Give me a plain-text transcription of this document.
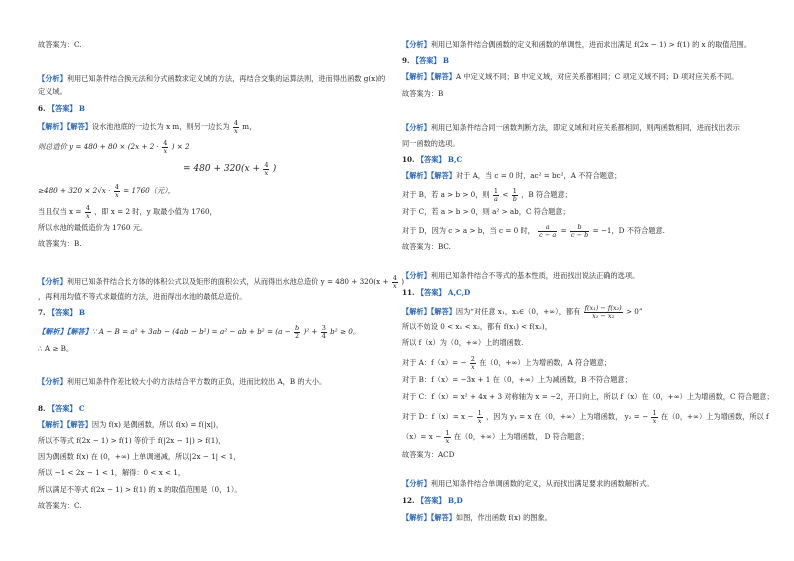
故答案为：C.
【分析】利用已知条件结合换元法和分式函数求定义域的方法，再结合交集的运算法则，进而得出函数 g(x)的
定义域。
6. 【答案】 B
【解析】【解答】设水池池底的一边长为 x m，则另一边长为 $\frac{4}{x}$ m，
则总造价 $y = 480 + 80 \times (2x + 2 \cdot \frac{4}{x}$ ) × 2
= $480 + 320(x + \frac{4}{x}$ )
$\ge 480 + 320 \times 2√x \cdot \frac{4}{x} = 1760$（元），
当且仅当 $x = \frac{4}{x}$ ，即 x = 2 时，y 取最小值为 1760，
所以水池的最低造价为 1760 元。
故答案为：B.
【分析】利用已知条件结合长方体的体积公式以及矩形的面积公式，从而得出水池总造价 $y = 480 + 320(x + \frac{4}{x}$ )
，再利用均值不等式求最值的方法，进而得出水池的最低总造价。
7. 【答案】 B
【解析】【解答】∵ A − B = a² + 3ab − (4ab − b²) = a² − ab + $b^2 = (a - \frac{b}{2} )^2 + \frac{3}{4} b^2 \ge 0$。
∴ A ≥ B。
【分析】利用已知条件作差比较大小的方法结合平方数的正负，进而比较出 A，B 的大小。
8. 【答案】 C
【解析】【解答】因为 f(x) 是偶函数，所以 f(x) = f(|x|)，
所以不等式 f(2x − 1) > f(1) 等价于 f(|2x − 1|) > f(1)，
因为偶函数 f(x) 在 (0，+∞) 上单调递减，所以|2x − 1| < 1，
所以 −1 < 2x − 1 < 1，解得：0 < x < 1，
所以满足不等式 f(2x − 1) > f(1) 的 x 的取值范围是（0，1）。
故答案为：C.
【分析】利用已知条件结合偶函数的定义和函数的单调性，进而求出满足 f(2x − 1) > f(1) 的 x 的取值范围。
9. 【答案】 B
【解析】【解答】A 中定义域不同；B 中定义域，对应关系都相同；C 项定义域不同；D 项对应关系不同。
故答案为：B
【分析】利用已知条件结合同一函数判断方法，即定义域和对应关系都相同，则两函数相同，进而找出表示
同一函数的选项。
10. 【答案】 B,C
【解析】【解答】对于 A，当 c = 0 时，ac² = bc²，A 不符合题意；
对于 B，若 a > b > 0，则 $\frac{1}{a} < \frac{1}{b}$ ，B 符合题意；
对于 C，若 a > b > 0，则 a² > ab，C 符合题意；
对于 D，因为 c > a > b，当 c = 0 时， $\frac{a}{c - a} = \frac{b}{c - b} = -1$，D 不符合题意.
故答案为：BC.
【分析】利用已知条件结合不等式的基本性质，进而找出说法正确的选项。
11. 【答案】 A,C,D
【解析】【解答】因为“对任意 x₁，x₂∈（0，+∞），都有 $\frac{\text{f(x₁) − f(x₂)}}{\text{x₁ − x₂}} > 0$”
所以不妨设 0 < x₁ < x₂，都有 f(x₁) < f(x₂)，
所以 f（x）为（0，+∞）上的增函数.
对于 A：$f(x)= - \frac{2}{x}$ 在（0，+∞）上为增函数，A 符合题意；
对于 B：f（x）= −3x + 1 在（0，+∞）上为减函数，B 不符合题意；
对于 C：f（x）= x² + 4x + 3 对称轴为 x = −2，开口向上，所以 f（x）在（0，+∞）上为增函数，C 符合题意；
对于 D：$f(x)= x - \frac{1}{x}$ ，因为 y₁ = x 在（0，+∞）上为增函数， y₂ = − $\frac{1}{x}$ 在（0，+∞）上为增函数，所以 f
$(x)= x - \frac{1}{x}$ 在（0，+∞）上为增函数， D 符合题意；
故答案为：ACD
【分析】利用已知条件结合单调函数的定义，从而找出满足要求的函数解析式。
12. 【答案】 B,D
【解析】【解答】如图，作出函数 f(x) 的图象。
